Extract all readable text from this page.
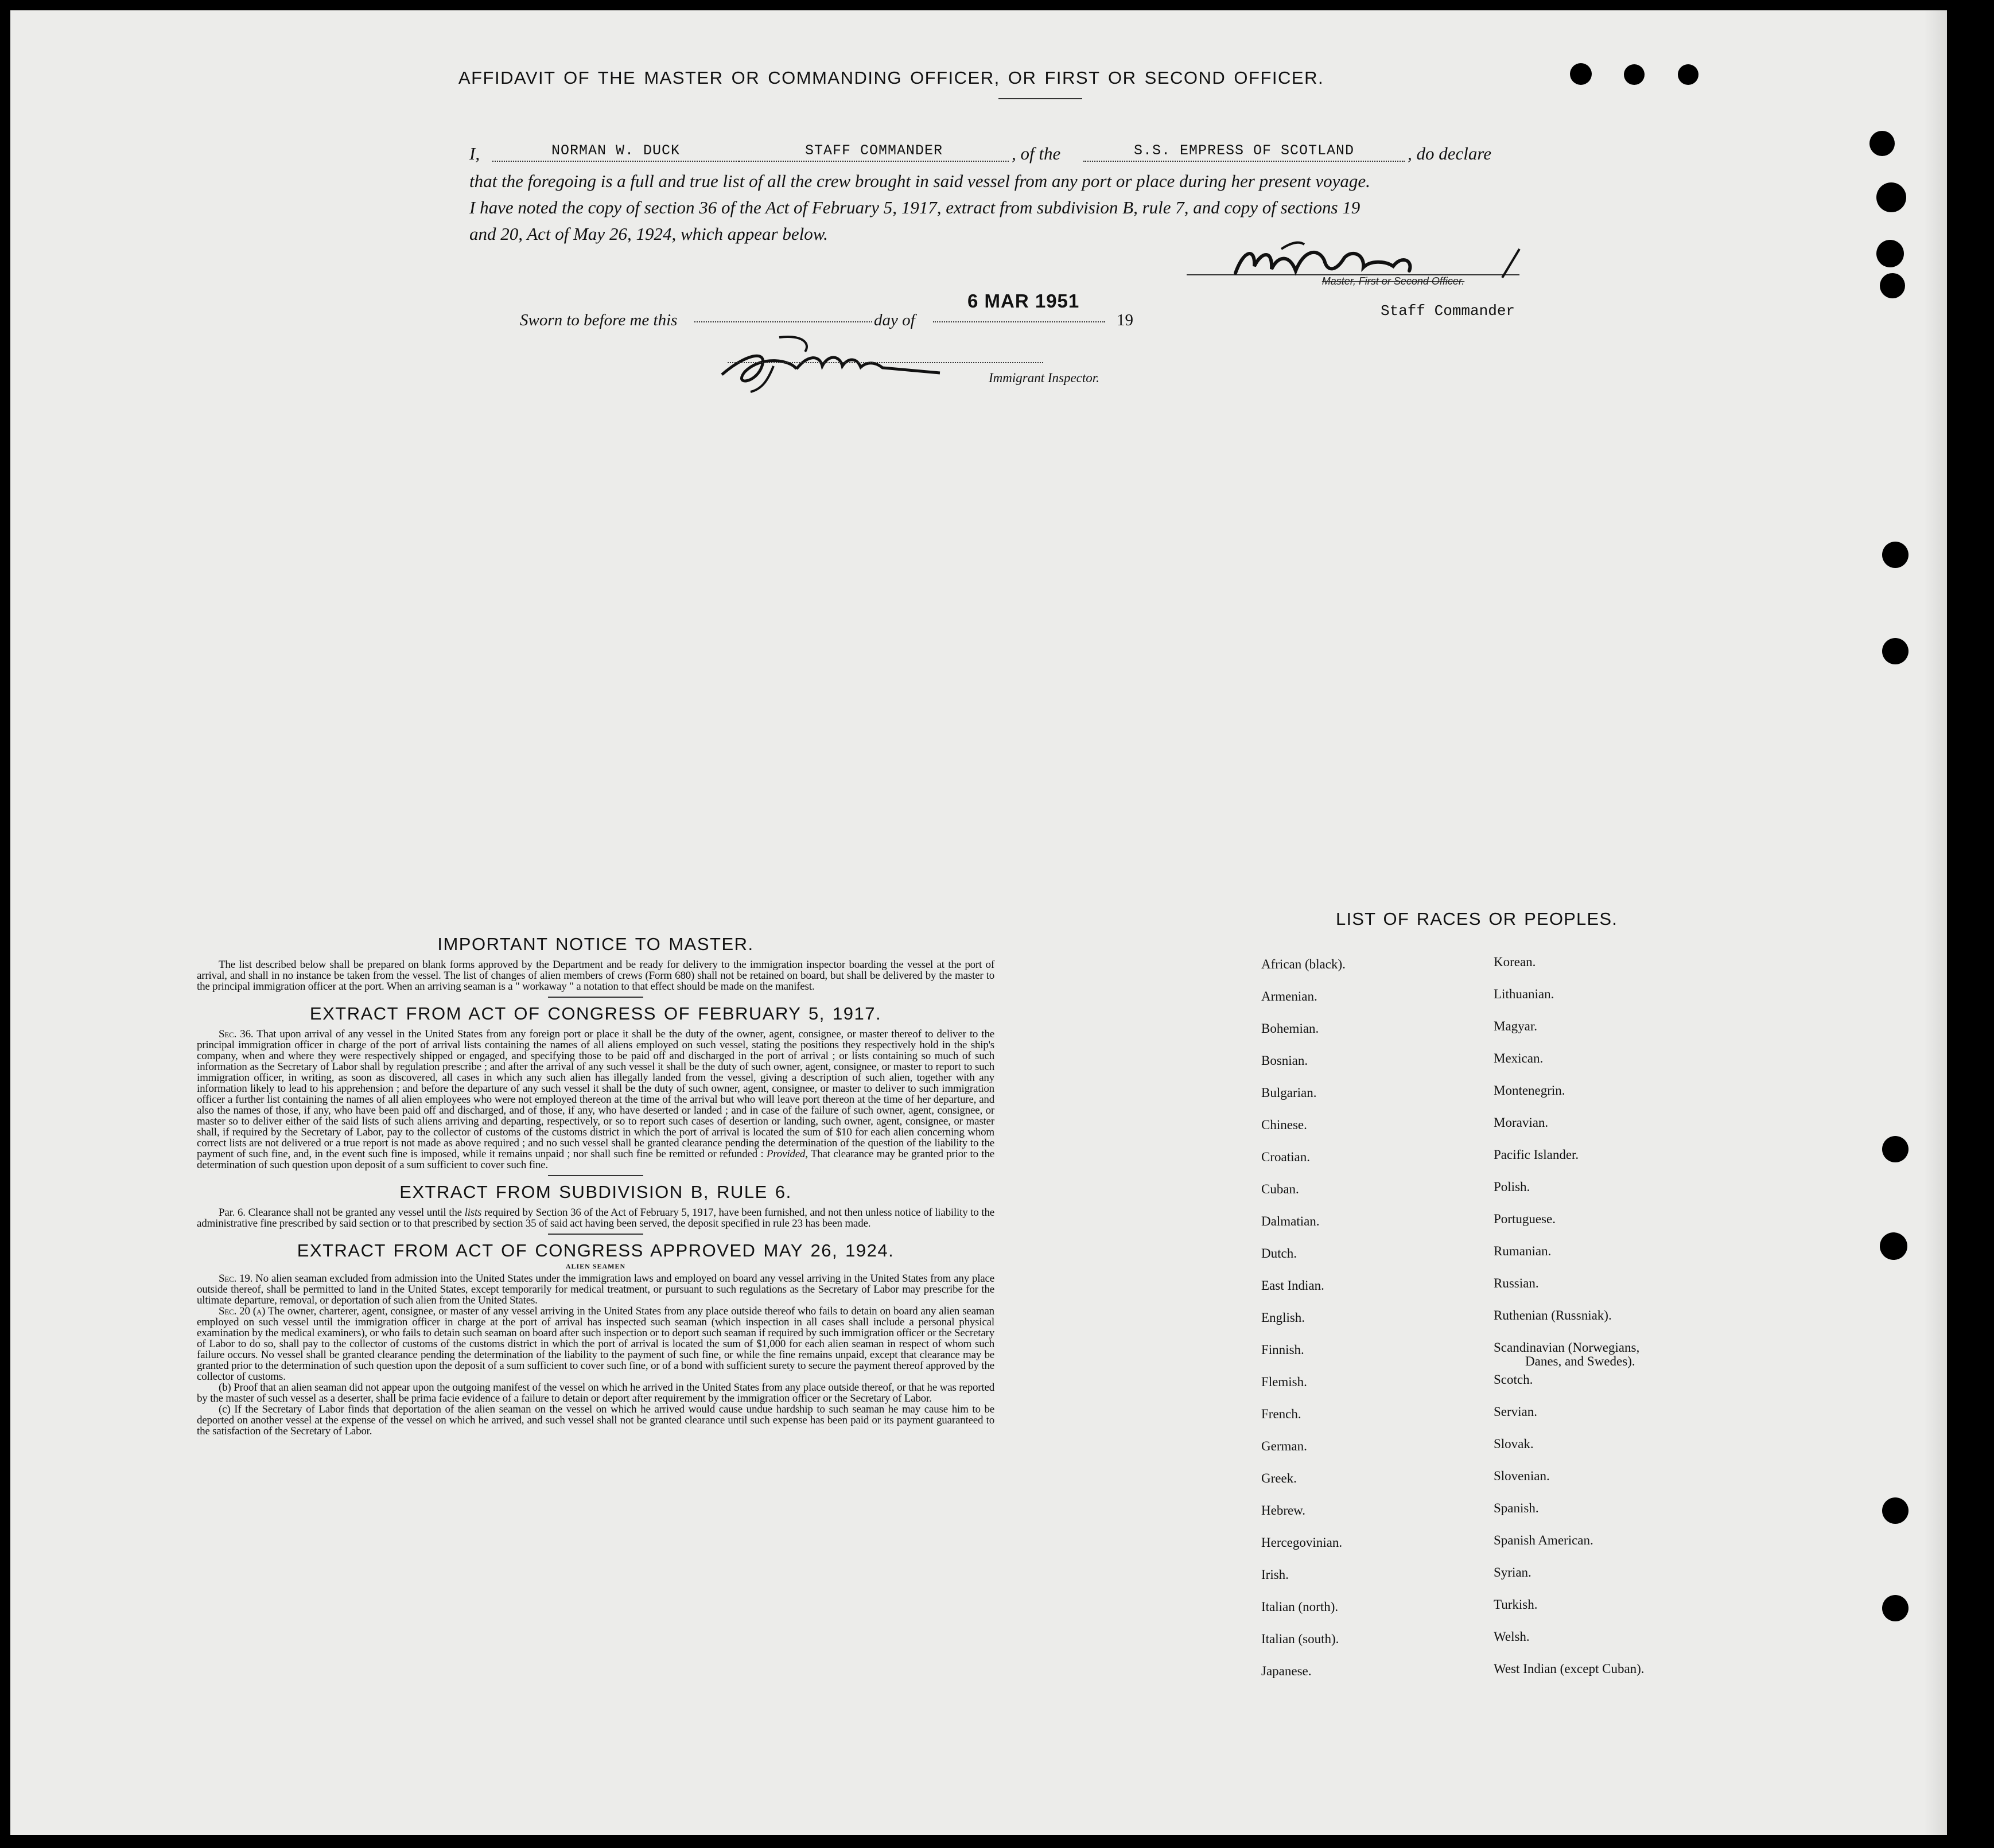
AFFIDAVIT OF THE MASTER OR COMMANDING OFFICER, OR FIRST OR SECOND OFFICER.
I,	NORMAN W. DUCK	STAFF COMMANDER	, of the	S.S. EMPRESS OF SCOTLAND	, do declare
that the foregoing is a full and true list of all the crew brought in said vessel from any port or place during her present voyage.
I have noted the copy of section 36 of the Act of February 5, 1917, extract from subdivision B, rule 7, and copy of sections 19
and 20, Act of May 26, 1924, which appear below.
Master, First or Second Officer.
Staff Commander
Sworn to before me this	day of
6 MAR 1951
19
Immigrant Inspector.
IMPORTANT NOTICE TO MASTER.

The list described below shall be prepared on blank forms approved by the Department and be ready for delivery to the immigration inspector boarding the vessel at the port of arrival, and shall in no instance be taken from the vessel. The list of changes of alien members of crews (Form 680) shall not be retained on board, but shall be delivered by the master to the principal immigration officer at the port. When an arriving seaman is a " workaway " a notation to that effect should be made on the manifest.

EXTRACT FROM ACT OF CONGRESS OF FEBRUARY 5, 1917.

Sec. 36. That upon arrival of any vessel in the United States from any foreign port or place it shall be the duty of the owner, agent, consignee, or master thereof to deliver to the principal immigration officer in charge of the port of arrival lists containing the names of all aliens employed on such vessel, stating the positions they respectively hold in the ship's company, when and where they were respectively shipped or engaged, and specifying those to be paid off and discharged in the port of arrival ; or lists containing so much of such information as the Secretary of Labor shall by regulation prescribe ; and after the arrival of any such vessel it shall be the duty of such owner, agent, consignee, or master to report to such immigration officer, in writing, as soon as discovered, all cases in which any such alien has illegally landed from the vessel, giving a description of such alien, together with any information likely to lead to his apprehension ; and before the departure of any such vessel it shall be the duty of such owner, agent, consignee, or master to deliver to such immigration officer a further list containing the names of all alien employees who were not employed thereon at the time of the arrival but who will leave port thereon at the time of her departure, and also the names of those, if any, who have been paid off and discharged, and of those, if any, who have deserted or landed ; and in case of the failure of such owner, agent, consignee, or master so to deliver either of the said lists of such aliens arriving and departing, respectively, or so to report such cases of desertion or landing, such owner, agent, consignee, or master shall, if required by the Secretary of Labor, pay to the collector of customs of the customs district in which the port of arrival is located the sum of $10 for each alien concerning whom correct lists are not delivered or a true report is not made as above required ; and no such vessel shall be granted clearance pending the determination of the question of the liability to the payment of such fine, and, in the event such fine is imposed, while it remains unpaid ; nor shall such fine be remitted or refunded : Provided, That clearance may be granted prior to the determination of such question upon deposit of a sum sufficient to cover such fine.

EXTRACT FROM SUBDIVISION B, RULE 6.

Par. 6. Clearance shall not be granted any vessel until the lists required by Section 36 of the Act of February 5, 1917, have been furnished, and not then unless notice of liability to the administrative fine prescribed by said section or to that prescribed by section 35 of said act having been served, the deposit specified in rule 23 has been made.

EXTRACT FROM ACT OF CONGRESS APPROVED MAY 26, 1924.
ALIEN SEAMEN

Sec. 19. No alien seaman excluded from admission into the United States under the immigration laws and employed on board any vessel arriving in the United States from any place outside thereof, shall be permitted to land in the United States, except temporarily for medical treatment, or pursuant to such regulations as the Secretary of Labor may prescribe for the ultimate departure, removal, or deportation of such alien from the United States.

Sec. 20 (a) The owner, charterer, agent, consignee, or master of any vessel arriving in the United States from any place outside thereof who fails to detain on board any alien seaman employed on such vessel until the immigration officer in charge at the port of arrival has inspected such seaman (which inspection in all cases shall include a personal physical examination by the medical examiners), or who fails to detain such seaman on board after such inspection or to deport such seaman if required by such immigration officer or the Secretary of Labor to do so, shall pay to the collector of customs of the customs district in which the port of arrival is located the sum of $1,000 for each alien seaman in respect of whom such failure occurs. No vessel shall be granted clearance pending the determination of the liability to the payment of such fine, or while the fine remains unpaid, except that clearance may be granted prior to the determination of such question upon the deposit of a sum sufficient to cover such fine, or of a bond with sufficient surety to secure the payment thereof approved by the collector of customs.

(b) Proof that an alien seaman did not appear upon the outgoing manifest of the vessel on which he arrived in the United States from any place outside thereof, or that he was reported by the master of such vessel as a deserter, shall be prima facie evidence of a failure to detain or deport after requirement by the immigration officer or the Secretary of Labor.

(c) If the Secretary of Labor finds that deportation of the alien seaman on the vessel on which he arrived would cause undue hardship to such seaman he may cause him to be deported on another vessel at the expense of the vessel on which he arrived, and such vessel shall not be granted clearance until such expense has been paid or its payment guaranteed to the satisfaction of the Secretary of Labor.

LIST OF RACES OR PEOPLES.
African (black).
Armenian.
Bohemian.
Bosnian.
Bulgarian.
Chinese.
Croatian.
Cuban.
Dalmatian.
Dutch.
East Indian.
English.
Finnish.
Flemish.
French.
German.
Greek.
Hebrew.
Hercegovinian.
Irish.
Italian (north).
Italian (south).
Japanese.
Korean.
Lithuanian.
Magyar.
Mexican.
Montenegrin.
Moravian.
Pacific Islander.
Polish.
Portuguese.
Rumanian.
Russian.
Ruthenian (Russniak).
Scandinavian (Norwegians,
Danes, and Swedes).
Scotch.
Servian.
Slovak.
Slovenian.
Spanish.
Spanish American.
Syrian.
Turkish.
Welsh.
West Indian (except Cuban).
